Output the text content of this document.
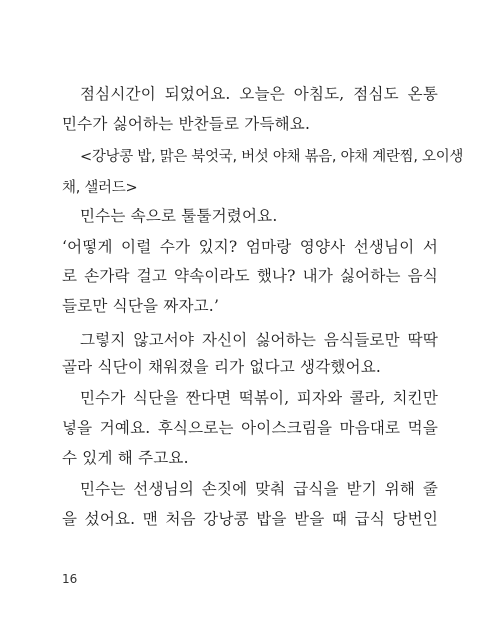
점심시간이 되었어요. 오늘은 아침도, 점심도 온통
민수가 싫어하는 반찬들로 가득해요.
<강낭콩 밥, 맑은 북엇국, 버섯 야채 볶음, 야채 계란찜, 오이생
채, 샐러드>
민수는 속으로 툴툴거렸어요.
‘어떻게 이럴 수가 있지? 엄마랑 영양사 선생님이 서
로 손가락 걸고 약속이라도 했나? 내가 싫어하는 음식
들로만 식단을 짜자고.’
그렇지 않고서야 자신이 싫어하는 음식들로만 딱딱
골라 식단이 채워졌을 리가 없다고 생각했어요.
민수가 식단을 짠다면 떡볶이, 피자와 콜라, 치킨만
넣을 거예요. 후식으로는 아이스크림을 마음대로 먹을
수 있게 해 주고요.
민수는 선생님의 손짓에 맞춰 급식을 받기 위해 줄
을 섰어요. 맨 처음 강낭콩 밥을 받을 때 급식 당번인
16
